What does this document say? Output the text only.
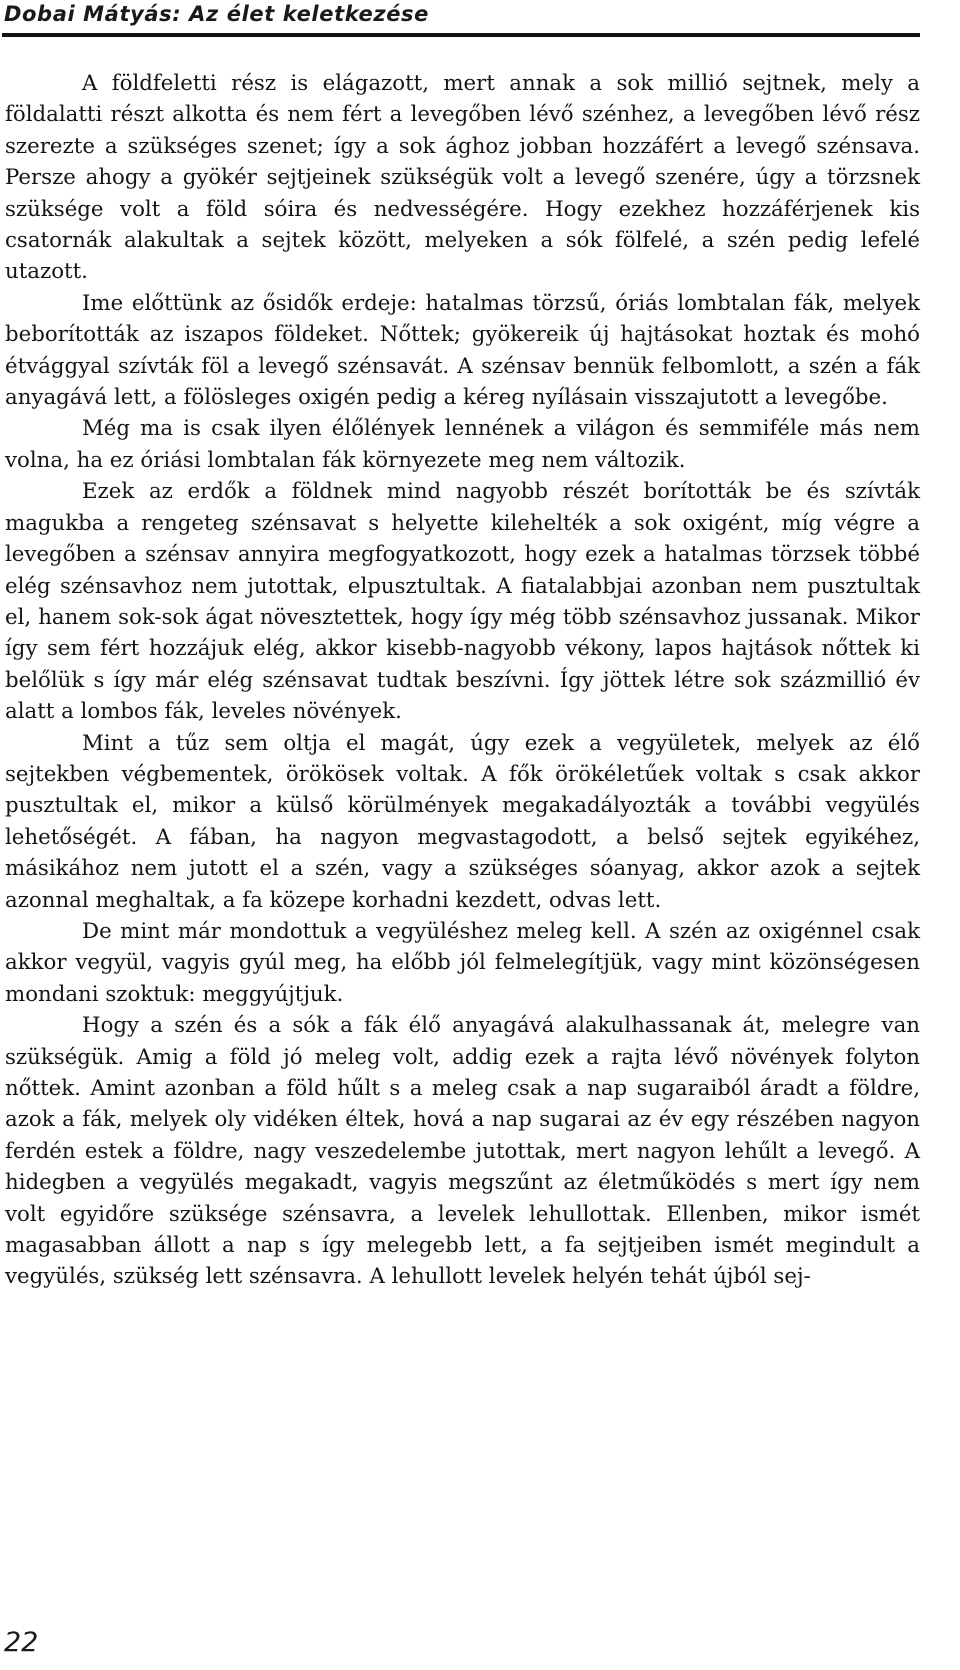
Dobai Mátyás: Az élet keletkezése

A földfeletti rész is elágazott, mert annak a sok millió sejtnek, mely a földalatti részt alkotta és nem fért a levegőben lévő szénhez, a levegőben lévő rész szerezte a szükséges szenet; így a sok ághoz jobban hozzáfért a levegő szénsava. Persze ahogy a gyökér sejtjeinek szükségük volt a levegő szenére, úgy a törzsnek szüksége volt a föld sóira és nedvességére. Hogy ezekhez hozzáférjenek kis csatornák alakultak a sejtek között, melyeken a sók fölfelé, a szén pedig lefelé utazott.

Ime előttünk az ősidők erdeje: hatalmas törzsű, óriás lombtalan fák, melyek beborították az iszapos földeket. Nőttek; gyökereik új hajtásokat hoztak és mohó étvággyal szívták föl a levegő szénsavát. A szénsav bennük felbomlott, a szén a fák anyagává lett, a fölösleges oxigén pedig a kéreg nyílásain visszajutott a levegőbe.

Még ma is csak ilyen élőlények lennének a világon és semmiféle más nem volna, ha ez óriási lombtalan fák környezete meg nem változik.

Ezek az erdők a földnek mind nagyobb részét borították be és szívták magukba a rengeteg szénsavat s helyette kilehelték a sok oxigént, míg végre a levegőben a szénsav annyira megfogyatkozott, hogy ezek a hatalmas törzsek többé elég szénsavhoz nem jutottak, elpusztultak. A fiatalabbjai azonban nem pusztultak el, hanem sok-sok ágat növesztettek, hogy így még több szénsavhoz jussanak. Mikor így sem fért hozzájuk elég, akkor kisebb-nagyobb vékony, lapos hajtások nőttek ki belőlük s így már elég szénsavat tudtak beszívni. Így jöttek létre sok százmillió év alatt a lombos fák, leveles növények.

Mint a tűz sem oltja el magát, úgy ezek a vegyületek, melyek az élő sejtekben végbementek, örökösek voltak. A fők örökéletűek voltak s csak akkor pusztultak el, mikor a külső körülmények megakadályozták a további vegyülés lehetőségét. A fában, ha nagyon megvastagodott, a belső sejtek egyikéhez, másikához nem jutott el a szén, vagy a szükséges sóanyag, akkor azok a sejtek azonnal meghaltak, a fa közepe korhadni kezdett, odvas lett.

De mint már mondottuk a vegyüléshez meleg kell. A szén az oxigénnel csak akkor vegyül, vagyis gyúl meg, ha előbb jól felmelegítjük, vagy mint közönségesen mondani szoktuk: meggyújtjuk.

Hogy a szén és a sók a fák élő anyagává alakulhassanak át, melegre van szükségük. Amig a föld jó meleg volt, addig ezek a rajta lévő növények folyton nőttek. Amint azonban a föld hűlt s a meleg csak a nap sugaraiból áradt a földre, azok a fák, melyek oly vidéken éltek, hová a nap sugarai az év egy részében nagyon ferdén estek a földre, nagy veszedelembe jutottak, mert nagyon lehűlt a levegő. A hidegben a vegyülés megakadt, vagyis megszűnt az életműködés s mert így nem volt egyidőre szüksége szénsavra, a levelek lehullottak. Ellenben, mikor ismét magasabban állott a nap s így melegebb lett, a fa sejtjeiben ismét megindult a vegyülés, szükség lett szénsavra. A lehullott levelek helyén tehát újból sej-

22
